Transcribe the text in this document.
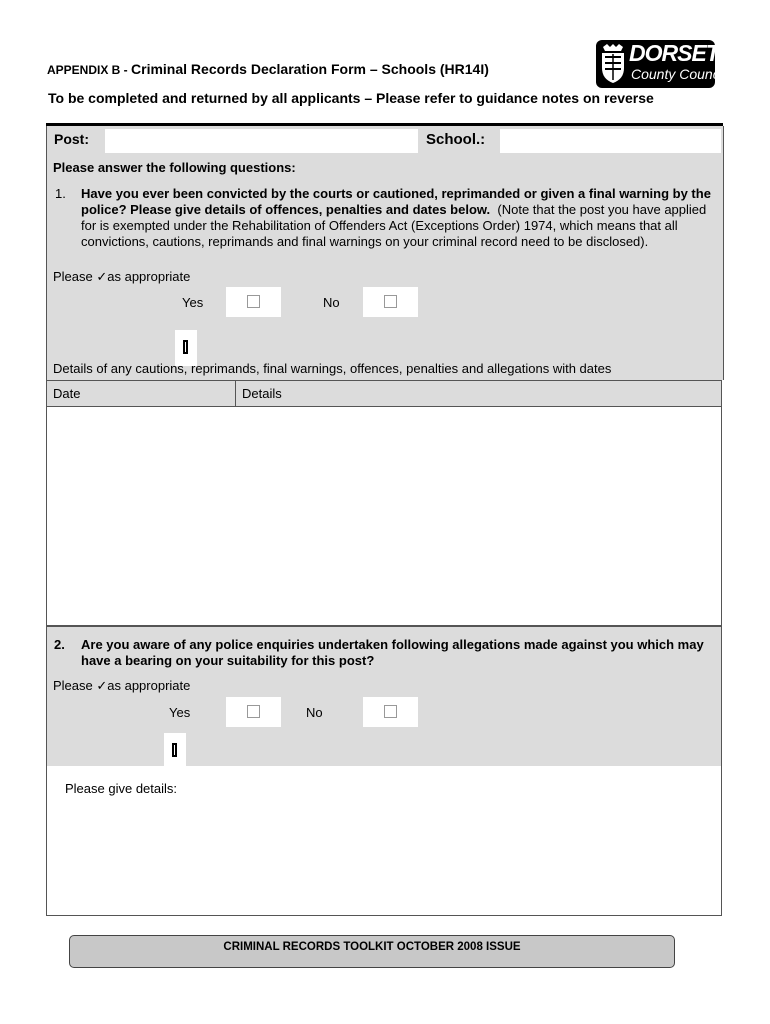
APPENDIX B - Criminal Records Declaration Form – Schools (HR14I)
To be completed and returned by all applicants – Please refer to guidance notes on reverse
DORSET
County Council
Post:	School.:
Please answer the following questions:
1. Have you ever been convicted by the courts or cautioned, reprimanded or given a final warning by the police? Please give details of offences, penalties and dates below. (Note that the post you have applied for is exempted under the Rehabilitation of Offenders Act (Exceptions Order) 1974, which means that all convictions, cautions, reprimands and final warnings on your criminal record need to be disclosed).
Please ✓as appropriate
Yes	No
Details of any cautions, reprimands, final warnings, offences, penalties and allegations with dates
Date	Details
2. Are you aware of any police enquiries undertaken following allegations made against you which may have a bearing on your suitability for this post?
Please ✓as appropriate
Yes	No
Please give details:
CRIMINAL RECORDS TOOLKIT OCTOBER 2008 ISSUE
